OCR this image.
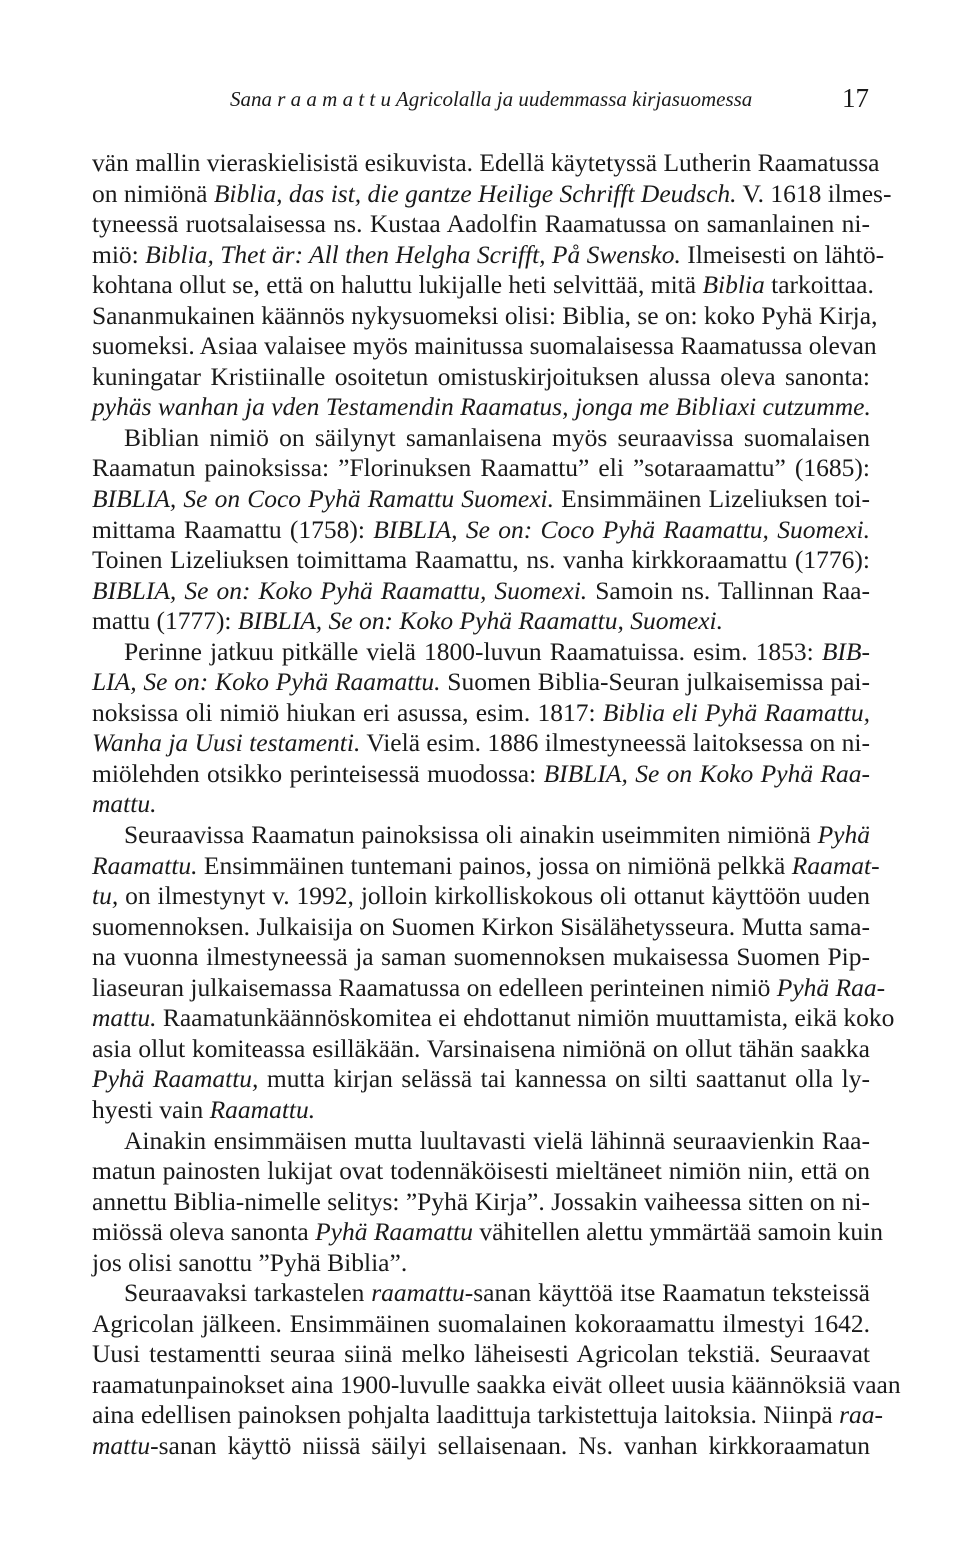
Sana r a a m a t t u Agricolalla ja uudemmassa kirjasuomessa	17
vän mallin vieraskielisistä esikuvista. Edellä käytetyssä Lutherin Raamatussa
on nimiönä Biblia, das ist, die gantze Heilige Schrifft Deudsch. V. 1618 ilmes-
tyneessä ruotsalaisessa ns. Kustaa Aadolfin Raamatussa on samanlainen ni-
miö: Biblia, Thet är: All then Helgha Scrifft, På Swensko. Ilmeisesti on lähtö-
kohtana ollut se, että on haluttu lukijalle heti selvittää, mitä Biblia tarkoittaa.
Sananmukainen käännös nykysuomeksi olisi: Biblia, se on: koko Pyhä Kirja,
suomeksi. Asiaa valaisee myös mainitussa suomalaisessa Raamatussa olevan
kuningatar Kristiinalle osoitetun omistuskirjoituksen alussa oleva sanonta:
pyhäs wanhan ja vden Testamendin Raamatus, jonga me Bibliaxi cutzumme.
Biblian nimiö on säilynyt samanlaisena myös seuraavissa suomalaisen
Raamatun painoksissa: ”Florinuksen Raamattu” eli ”sotaraamattu” (1685):
BIBLIA, Se on Coco Pyhä Ramattu Suomexi. Ensimmäinen Lizeliuksen toi-
mittama Raamattu (1758): BIBLIA, Se on: Coco Pyhä Raamattu, Suomexi.
Toinen Lizeliuksen toimittama Raamattu, ns. vanha kirkkoraamattu (1776):
BIBLIA, Se on: Koko Pyhä Raamattu, Suomexi. Samoin ns. Tallinnan Raa-
mattu (1777): BIBLIA, Se on: Koko Pyhä Raamattu, Suomexi.
Perinne jatkuu pitkälle vielä 1800-luvun Raamatuissa. esim. 1853: BIB-
LIA, Se on: Koko Pyhä Raamattu. Suomen Biblia-Seuran julkaisemissa pai-
noksissa oli nimiö hiukan eri asussa, esim. 1817: Biblia eli Pyhä Raamattu,
Wanha ja Uusi testamenti. Vielä esim. 1886 ilmestyneessä laitoksessa on ni-
miölehden otsikko perinteisessä muodossa: BIBLIA, Se on Koko Pyhä Raa-
mattu.
Seuraavissa Raamatun painoksissa oli ainakin useimmiten nimiönä Pyhä
Raamattu. Ensimmäinen tuntemani painos, jossa on nimiönä pelkkä Raamat-
tu, on ilmestynyt v. 1992, jolloin kirkolliskokous oli ottanut käyttöön uuden
suomennoksen. Julkaisija on Suomen Kirkon Sisälähetysseura. Mutta sama-
na vuonna ilmestyneessä ja saman suomennoksen mukaisessa Suomen Pip-
liaseuran julkaisemassa Raamatussa on edelleen perinteinen nimiö Pyhä Raa-
mattu. Raamatunkäännöskomitea ei ehdottanut nimiön muuttamista, eikä koko
asia ollut komiteassa esilläkään. Varsinaisena nimiönä on ollut tähän saakka
Pyhä Raamattu, mutta kirjan selässä tai kannessa on silti saattanut olla ly-
hyesti vain Raamattu.
Ainakin ensimmäisen mutta luultavasti vielä lähinnä seuraavienkin Raa-
matun painosten lukijat ovat todennäköisesti mieltäneet nimiön niin, että on
annettu Biblia-nimelle selitys: ”Pyhä Kirja”. Jossakin vaiheessa sitten on ni-
miössä oleva sanonta Pyhä Raamattu vähitellen alettu ymmärtää samoin kuin
jos olisi sanottu ”Pyhä Biblia”.
Seuraavaksi tarkastelen raamattu-sanan käyttöä itse Raamatun teksteissä
Agricolan jälkeen. Ensimmäinen suomalainen kokoraamattu ilmestyi 1642.
Uusi testamentti seuraa siinä melko läheisesti Agricolan tekstiä. Seuraavat
raamatunpainokset aina 1900-luvulle saakka eivät olleet uusia käännöksiä vaan
aina edellisen painoksen pohjalta laadittuja tarkistettuja laitoksia. Niinpä raa-
mattu-sanan käyttö niissä säilyi sellaisenaan. Ns. vanhan kirkkoraamatun
